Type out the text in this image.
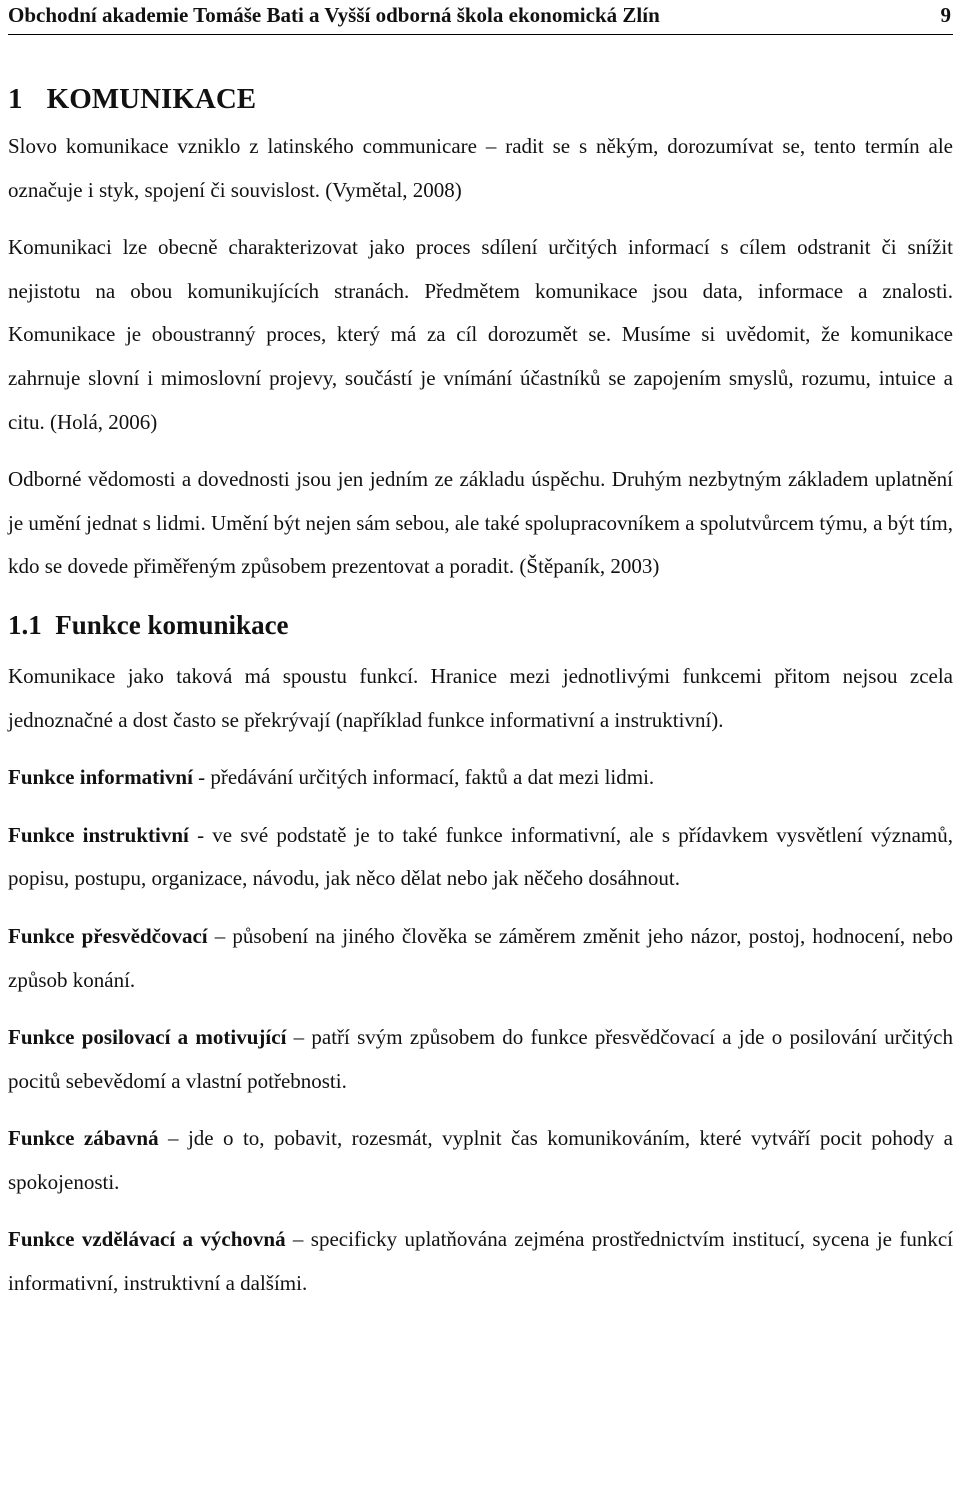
Obchodní akademie Tomáše Bati a Vyšší odborná škola ekonomická Zlín	9
1 KOMUNIKACE

Slovo komunikace vzniklo z latinského communicare – radit se s někým, dorozumívat se, tento termín ale označuje i styk, spojení či souvislost. (Vymětal, 2008)

Komunikaci lze obecně charakterizovat jako proces sdílení určitých informací s cílem odstranit či snížit nejistotu na obou komunikujících stranách. Předmětem komunikace jsou data, informace a znalosti. Komunikace je oboustranný proces, který má za cíl dorozumět se. Musíme si uvědomit, že komunikace zahrnuje slovní i mimoslovní projevy, součástí je vnímání účastníků se zapojením smyslů, rozumu, intuice a citu. (Holá, 2006)

Odborné vědomosti a dovednosti jsou jen jedním ze základu úspěchu. Druhým nezbytným základem uplatnění je umění jednat s lidmi. Umění být nejen sám sebou, ale také spolupracovníkem a spolutvůrcem týmu, a být tím, kdo se dovede přiměřeným způsobem prezentovat a poradit. (Štěpaník, 2003)

1.1 Funkce komunikace

Komunikace jako taková má spoustu funkcí. Hranice mezi jednotlivými funkcemi přitom nejsou zcela jednoznačné a dost často se překrývají (například funkce informativní a instruktivní).

Funkce informativní - předávání určitých informací, faktů a dat mezi lidmi.

Funkce instruktivní - ve své podstatě je to také funkce informativní, ale s přídavkem vysvětlení významů, popisu, postupu, organizace, návodu, jak něco dělat nebo jak něčeho dosáhnout.

Funkce přesvědčovací – působení na jiného člověka se záměrem změnit jeho názor, postoj, hodnocení, nebo způsob konání.

Funkce posilovací a motivující – patří svým způsobem do funkce přesvědčovací a jde o posilování určitých pocitů sebevědomí a vlastní potřebnosti.

Funkce zábavná – jde o to, pobavit, rozesmát, vyplnit čas komunikováním, které vytváří pocit pohody a spokojenosti.

Funkce vzdělávací a výchovná – specificky uplatňována zejména prostřednictvím institucí, sycena je funkcí informativní, instruktivní a dalšími.
